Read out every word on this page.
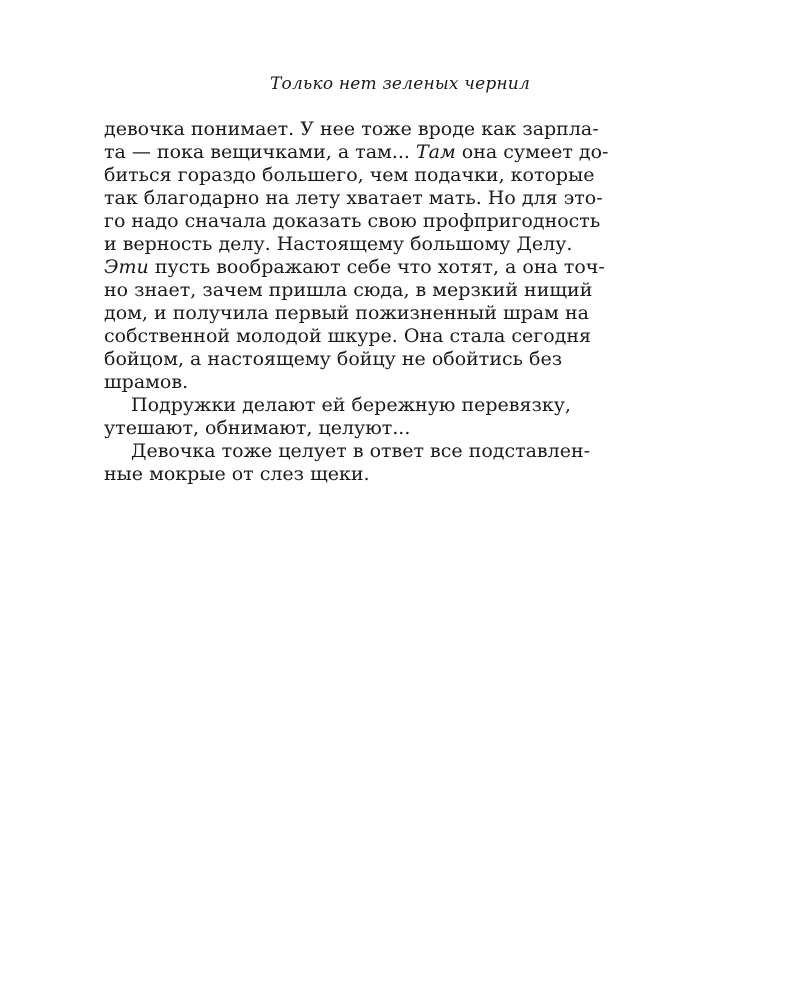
Только нет зеленых чернил
девочка понимает. У нее тоже вроде как зарпла-
та — пока вещичками, а там... Там она сумеет до-
биться гораздо большего, чем подачки, которые
так благодарно на лету хватает мать. Но для это-
го надо сначала доказать свою профпригодность
и верность делу. Настоящему большому Делу.
Эти пусть воображают себе что хотят, а она точ-
но знает, зачем пришла сюда, в мерзкий нищий
дом, и получила первый пожизненный шрам на
собственной молодой шкуре. Она стала сегодня
бойцом, а настоящему бойцу не обойтись без
шрамов.
Подружки делают ей бережную перевязку,
утешают, обнимают, целуют...
Девочка тоже целует в ответ все подставлен-
ные мокрые от слез щеки.
